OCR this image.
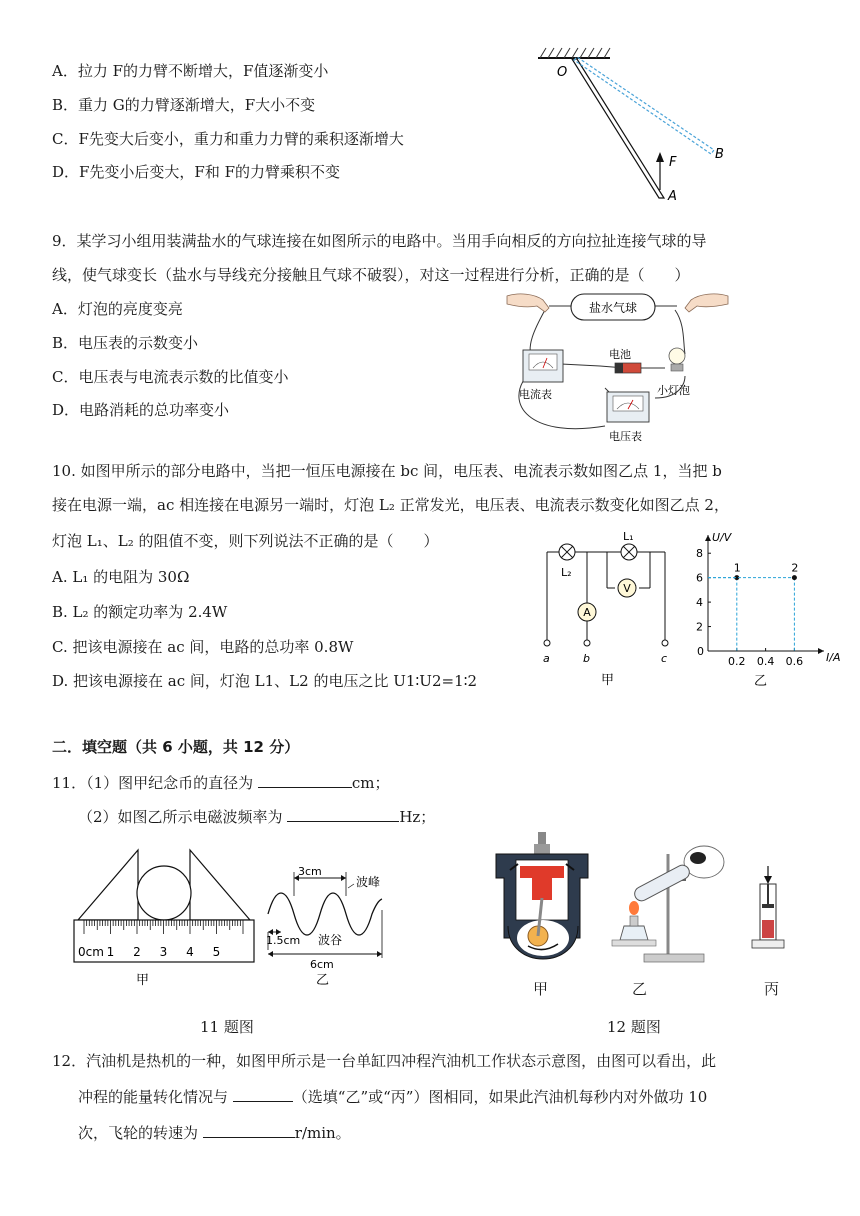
A．拉力 F的力臂不断增大，F值逐渐变小
B．重力 G的力臂逐渐增大，F大小不变
C．F先变大后变小，重力和重力力臂的乘积逐渐增大
D．F先变小后变大，F和 F的力臂乘积不变
O
B
A
F
9．某学习小组用装满盐水的气球连接在如图所示的电路中。当用手向相反的方向拉扯连接气球的导
线，使气球变长（盐水与导线充分接触且气球不破裂），对这一过程进行分析，正确的是（　　）
A．灯泡的亮度变亮
B．电压表的示数变小
C．电压表与电流表示数的比值变小
D．电路消耗的总功率变小
盐水气球
电流表
电池
小灯泡
电压表
10. 如图甲所示的部分电路中，当把一恒压电源接在 bc 间，电压表、电流表示数如图乙点 1，当把 b
接在电源一端，ac 相连接在电源另一端时，灯泡 L₂ 正常发光，电压表、电流表示数变化如图乙点 2，
灯泡 L₁、L₂ 的阻值不变，则下列说法不正确的是（　　）
A. L₁ 的电阻为 30Ω
B. L₂ 的额定功率为 2.4W
C. 把该电源接在 ac 间，电路的总功率 0.8W
D. 把该电源接在 ac 间，灯泡 L1、L2 的电压之比 U1∶U2=1∶2
L₂
L₁
V
A
a	b	c
甲
U/V
I/A
0
0.2 0.4 0.6
2
4
6
8
1	2
乙
二．填空题（共 6 小题，共 12 分）
11．（1）图甲纪念币的直径为	cm；
（2）如图乙所示电磁波频率为	Hz；
0cm 1 2 3 4 5
甲
3cm
波峰
1.5cm 波谷
6cm
乙
11 题图
甲	乙	丙
12 题图
12．汽油机是热机的一种，如图甲所示是一台单缸四冲程汽油机工作状态示意图，由图可以看出，此
冲程的能量转化情况与	（选填“乙”或“丙”）图相同，如果此汽油机每秒内对外做功 10
次，飞轮的转速为	r/min。
